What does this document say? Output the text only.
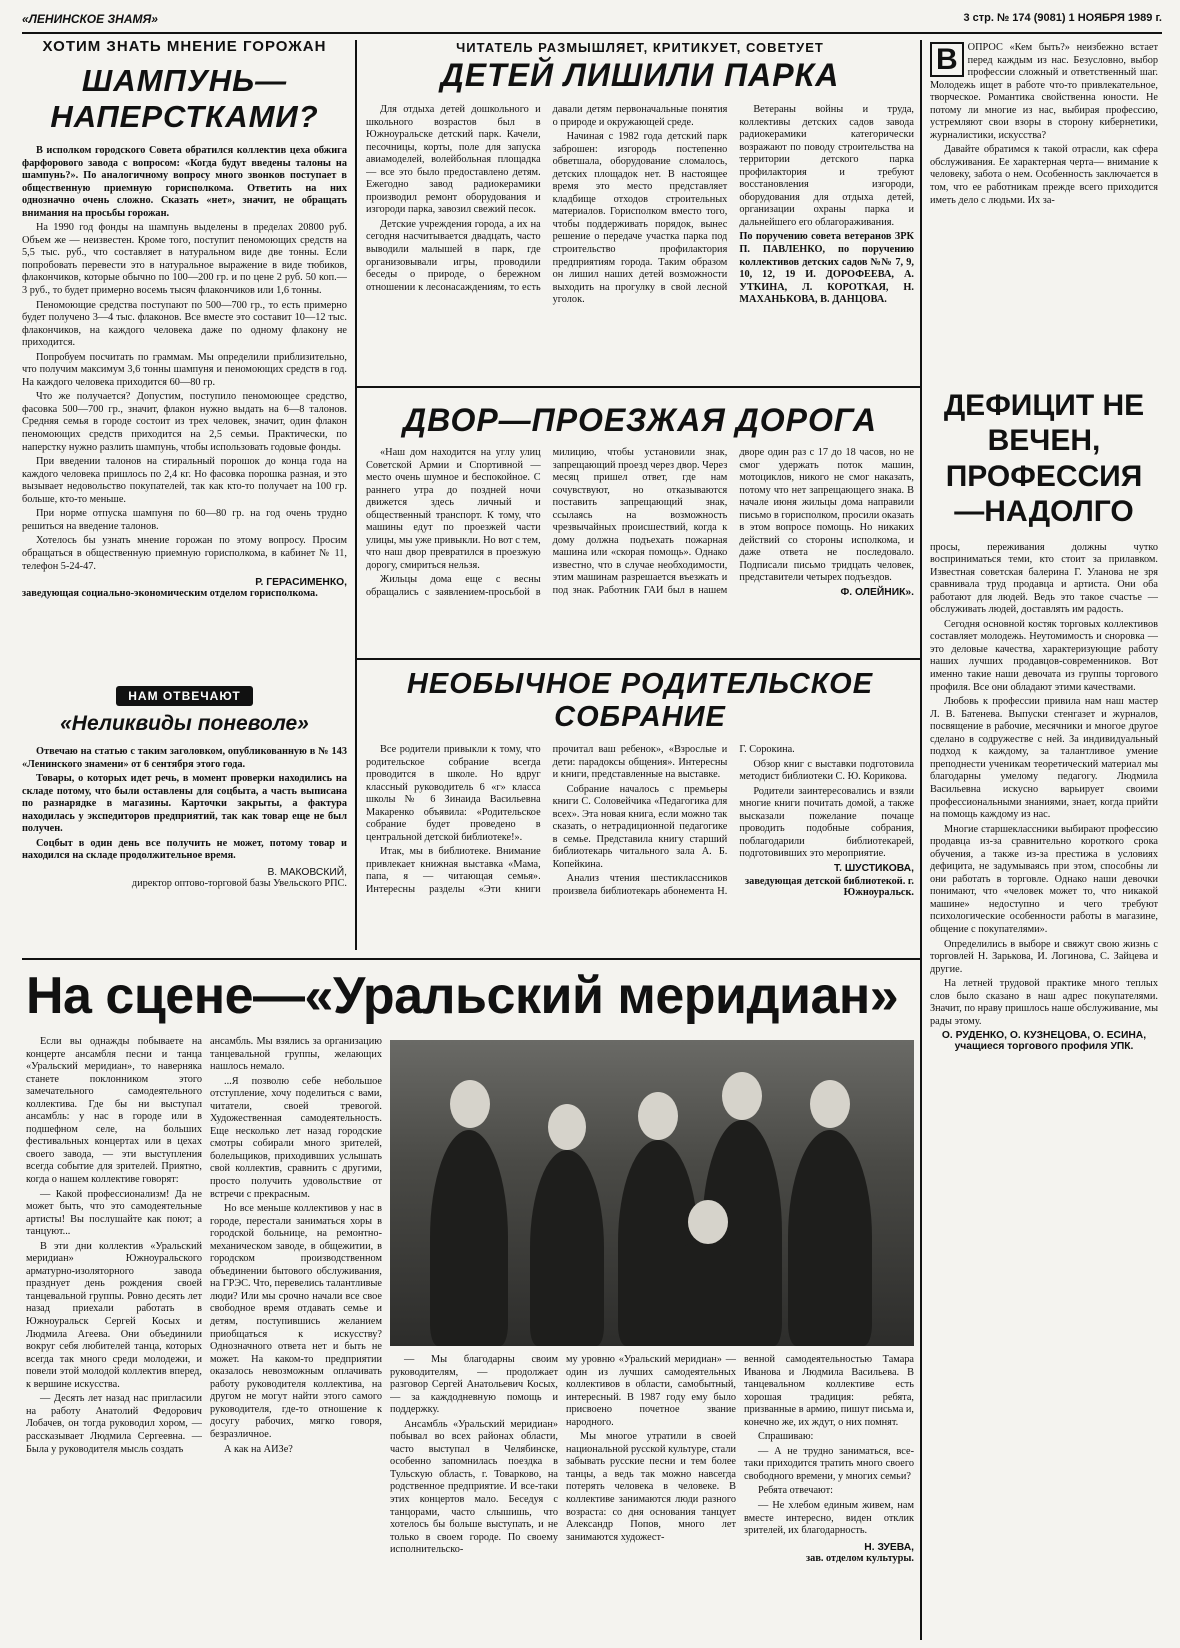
«ЛЕНИНСКОЕ ЗНАМЯ»	3 стр. № 174 (9081) 1 НОЯБРЯ 1989 г.
ХОТИМ ЗНАТЬ МНЕНИЕ ГОРОЖАН
ШАМПУНЬ—НАПЕРСТКАМИ?

В исполком городского Совета обратился коллектив цеха обжига фарфорового завода с вопросом: «Когда будут введены талоны на шампунь?». По аналогичному вопросу много звонков поступает в общественную приемную горисполкома. Ответить на них однозначно очень сложно. Сказать «нет», значит, не обращать внимания на просьбы горожан.

На 1990 год фонды на шампунь выделены в пределах 20800 руб. Объем же — неизвестен. Кроме того, поступит пеномоющих средств на 5,5 тыс. руб., что составляет в натуральном виде две тонны. Если попробовать перевести это в натуральное выражение в виде тюбиков, флакончиков, которые обычно по 100—200 гр. и по цене 2 руб. 50 коп.— 3 руб., то будет примерно восемь тысяч флакончиков или 1,6 тонны.

Пеномоющие средства поступают по 500—700 гр., то есть примерно будет получено 3—4 тыс. флаконов. Все вместе это составит 10—12 тыс. флакончиков, на каждого человека даже по одному флакону не приходится.

Попробуем посчитать по граммам. Мы определили приблизительно, что получим максимум 3,6 тонны шампуня и пеномоющих средств в год. На каждого человека приходится 60—80 гр.

Что же получается? Допустим, поступило пеномоющее средство, фасовка 500—700 гр., значит, флакон нужно выдать на 6—8 талонов. Средняя семья в городе состоит из трех человек, значит, один флакон пеномоющих средств приходится на 2,5 семьи. Практически, по наперстку нужно разлить шампунь, чтобы использовать годовые фонды.

При введении талонов на стиральный порошок до конца года на каждого человека пришлось по 2,4 кг. Но фасовка порошка разная, и это вызывает недовольство покупателей, так как кто-то получает на 100 гр. больше, кто-то меньше.

При норме отпуска шампуня по 60—80 гр. на год очень трудно решиться на введение талонов.

Хотелось бы узнать мнение горожан по этому вопросу. Просим обращаться в общественную приемную горисполкома, в кабинет № 11, телефон 5-24-47.

Р. ГЕРАСИМЕНКО,
заведующая социально-экономическим отделом горисполкома.
НАМ ОТВЕЧАЮТ
«Неликвиды поневоле»

Отвечаю на статью с таким заголовком, опубликованную в № 143 «Ленинского знамени» от 6 сентября этого года.

Товары, о которых идет речь, в момент проверки находились на складе потому, что были оставлены для соцбыта, а часть выписана по разнарядке в магазины. Карточки закрыты, а фактура находилась у экспедиторов предприятий, так как товар еще не был получен.

Соцбыт в один день все получить не может, потому товар и находился на складе продолжительное время.

В. МАКОВСКИЙ,
директор оптово-торговой базы Увельского РПС.
ЧИТАТЕЛЬ РАЗМЫШЛЯЕТ, КРИТИКУЕТ, СОВЕТУЕТ
ДЕТЕЙ ЛИШИЛИ ПАРКА

Для отдыха детей дошкольного и школьного возрастов был в Южноуральске детский парк. Качели, песочницы, корты, поле для запуска авиамоделей, волейбольная площадка — все это было предоставлено детям. Ежегодно завод радиокерамики производил ремонт оборудования и изгороди парка, завозил свежий песок.

Детские учреждения города, а их на сегодня насчитывается двадцать, часто выводили малышей в парк, где организовывали игры, проводили беседы о природе, о бережном отношении к лесонасаждениям, то есть давали детям первоначальные понятия о природе и окружающей среде.

Начиная с 1982 года детский парк заброшен: изгородь постепенно обветшала, оборудование сломалось, детских площадок нет. В настоящее время это место представляет кладбище отходов строительных материалов. Горисполком вместо того, чтобы поддерживать порядок, вынес решение о передаче участка парка под строительство профилактория предприятиям города. Таким образом он лишил наших детей возможности выходить на прогулку в свой лесной уголок.

Ветераны войны и труда, коллективы детских садов завода радиокерамики категорически возражают по поводу строительства на территории детского парка профилактория и требуют восстановления изгороди, оборудования для отдыха детей, организации охраны парка и дальнейшего его облагораживания.

По поручению совета ветеранов ЗРК П. ПАВЛЕНКО, по поручению коллективов детских садов №№ 7, 9, 10, 12, 19 И. ДОРОФЕЕВА, А. УТКИНА, Л. КОРОТКАЯ, Н. МАХАНЬКОВА, В. ДАНЦОВА.

ДВОР—ПРОЕЗЖАЯ ДОРОГА

«Наш дом находится на углу улиц Советской Армии и Спортивной — место очень шумное и беспокойное. С раннего утра до поздней ночи движется здесь личный и общественный транспорт. К тому, что машины едут по проезжей части улицы, мы уже привыкли. Но вот с тем, что наш двор превратился в проезжую дорогу, смириться нельзя.

Жильцы дома еще с весны обращались с заявлением-просьбой в милицию, чтобы установили знак, запрещающий проезд через двор. Через месяц пришел ответ, где нам сочувствуют, но отказываются поставить запрещающий знак, ссылаясь на возможность чрезвычайных происшествий, когда к дому должна подъехать пожарная машина или «скорая помощь». Однако известно, что в случае необходимости, этим машинам разрешается въезжать и под знак. Работник ГАИ был в нашем дворе один раз с 17 до 18 часов, но не смог удержать поток машин, мотоциклов, никого не смог наказать, потому что нет запрещающего знака. В начале июня жильцы дома направили письмо в горисполком, просили оказать в этом вопросе помощь. Но никаких действий со стороны исполкома, и даже ответа не последовало. Подписали письмо тридцать человек, представители четырех подъездов.

Ф. ОЛЕЙНИК».

НЕОБЫЧНОЕ РОДИТЕЛЬСКОЕ СОБРАНИЕ

Все родители привыкли к тому, что родительское собрание всегда проводится в школе. Но вдруг классный руководитель 6 «г» класса школы № 6 Зинаида Васильевна Макаренко объявила: «Родительское собрание будет проведено в центральной детской библиотеке!».

Итак, мы в библиотеке. Внимание привлекает книжная выставка «Мама, папа, я — читающая семья». Интересны разделы «Эти книги прочитал ваш ребенок», «Взрослые и дети: парадоксы общения». Интересны и книги, представленные на выставке.

Собрание началось с премьеры книги С. Соловейчика «Педагогика для всех». Эта новая книга, если можно так сказать, о нетрадиционной педагогике в семье. Представила книгу старший библиотекарь читального зала А. Б. Копейкина.

Анализ чтения шестиклассников произвела библиотекарь абонемента Н. Г. Сорокина.

Обзор книг с выставки подготовила методист библиотеки С. Ю. Корикова.

Родители заинтересовались и взяли многие книги почитать домой, а также высказали пожелание почаще проводить подобные собрания, поблагодарили библиотекарей, подготовивших это мероприятие.

Т. ШУСТИКОВА,

заведующая детской библиотекой. г. Южноуральск.

В ОПРОС «Кем быть?» неизбежно встает перед каждым из нас. Безусловно, выбор профессии сложный и ответственный шаг. Молодежь ищет в работе что-то привлекательное, творческое. Романтика свойственна юности. Не потому ли многие из нас, выбирая профессию, устремляют свои взоры в сторону кибернетики, журналистики, искусства?

Давайте обратимся к такой отрасли, как сфера обслуживания. Ее характерная черта— внимание к человеку, забота о нем. Особенность заключается в том, что ее работникам прежде всего приходится иметь дело с людьми. Их за-

ДЕФИЦИТ НЕ ВЕЧЕН, ПРОФЕССИЯ —НАДОЛГО

просы, переживания должны чутко восприниматься теми, кто стоит за прилавком. Известная советская балерина Г. Уланова не зря сравнивала труд продавца и артиста. Они оба работают для людей. Ведь это такое счастье —обслуживать людей, доставлять им радость.

Сегодня основной костяк торговых коллективов составляет молодежь. Неутомимость и сноровка — это деловые качества, характеризующие работу наших лучших продавцов-современников. Вот именно такие наши девочата из группы торгового профиля. Все они обладают этими качествами.

Любовь к профессии привила нам наш мастер Л. В. Батенева. Выпуски стенгазет и журналов, посвящение в рабочие, месячники и многое другое сделано в содружестве с ней. За индивидуальный подход к каждому, за талантливое умение преподнести ученикам теоретический материал мы благодарны умелому педагогу. Людмила Васильевна искусно варьирует своими профессиональными знаниями, знает, когда прийти на помощь каждому из нас.

Многие старшеклассники выбирают профессию продавца из-за сравнительно короткого срока обучения, а также из-за престижа в условиях дефицита, не задумываясь при этом, способны ли они работать в торговле. Однако наши девочки понимают, что «человек может то, что никакой машине» недоступно и чего требуют психологические особенности работы в магазине, общение с покупателями».

Определились в выборе и свяжут свою жизнь с торговлей Н. Зарькова, И. Логинова, С. Зайцева и другие.

На летней трудовой практике много теплых слов было сказано в наш адрес покупателями. Значит, по нраву пришлось наше обслуживание, мы рады этому.

О. РУДЕНКО, О. КУЗНЕЦОВА, О. ЕСИНА, учащиеся торгового профиля УПК.

На сцене—«Уральский меридиан»

Если вы однажды побываете на концерте ансамбля песни и танца «Уральский меридиан», то наверняка станете поклонником этого замечательного самодеятельного коллектива. Где бы ни выступал ансамбль: у нас в городе или в подшефном селе, на больших фестивальных концертах или в цехах своего завода, — эти выступления всегда событие для зрителей. Приятно, когда о нашем коллективе говорят:

— Какой профессионализм! Да не может быть, что это самодеятельные артисты! Вы послушайте как поют; а танцуют...

В эти дни коллектив «Уральский меридиан» Южноуральского арматурно-изоляторного завода празднует день рождения своей танцевальной группы. Ровно десять лет назад приехали работать в Южноуральск Сергей Косых и Людмила Агеева. Они объединили вокруг себя любителей танца, которых всегда так много среди молодежи, и повели этой молодой коллектив вперед, к вершине искусства.

— Десять лет назад нас пригласили на работу Анатолий Федорович Лобачев, он тогда руководил хором, — рассказывает Людмила Сергеевна. — Была у руководителя мысль создать

ансамбль. Мы взялись за организацию танцевальной группы, желающих нашлось немало.

...Я позволю себе небольшое отступление, хочу поделиться с вами, читатели, своей тревогой. Художественная самодеятельность. Еще несколько лет назад городские смотры собирали много зрителей, болельщиков, приходивших услышать свой коллектив, сравнить с другими, просто получить удовольствие от встречи с прекрасным.

Но все меньше коллективов у нас в городе, перестали заниматься хоры в городской больнице, на ремонтно-механическом заводе, в общежитии, в городском производственном объединении бытового обслуживания, на ГРЭС. Что, перевелись талантливые люди? Или мы срочно начали все свое свободное время отдавать семье и детям, поступившись желанием приобщаться к искусству? Однозначного ответа нет и быть не может. На каком-то предприятии оказалось невозможным оплачивать работу руководителя коллектива, на другом не могут найти этого самого руководителя, где-то отношение к досугу рабочих, мягко говоря, безразличное.

А как на АИЗе?

— Мы благодарны своим руководителям, — продолжает разговор Сергей Анатольевич Косых, — за каждодневную помощь и поддержку.

Ансамбль «Уральский меридиан» побывал во всех районах области, часто выступал в Челябинске, особенно запомнилась поездка в Тульскую область, г. Товарково, на родственное предприятие. И все-таки этих концертов мало. Беседуя с танцорами, часто слышишь, что хотелось бы больше выступать, и не только в своем городе. По своему исполнительско-

му уровню «Уральский меридиан» — один из лучших самодеятельных коллективов в области, самобытный, интересный. В 1987 году ему было присвоено почетное звание народного.

Мы многое утратили в своей национальной русской культуре, стали забывать русские песни и тем более танцы, а ведь так можно навсегда потерять человека в человеке. В коллективе занимаются люди разного возраста: со дня основания танцует Александр Попов, много лет занимаются художест-

венной самодеятельностью Тамара Иванова и Людмила Васильева. В танцевальном коллективе есть хорошая традиция: ребята, призванные в армию, пишут письма и, конечно же, их ждут, о них помнят.

Спрашиваю:

— А не трудно заниматься, все-таки приходится тратить много своего свободного времени, у многих семьи?

Ребята отвечают:

— Не хлебом единым живем, нам вместе интересно, виден отклик зрителей, их благодарность.

Н. ЗУЕВА,
зав. отделом культуры.
